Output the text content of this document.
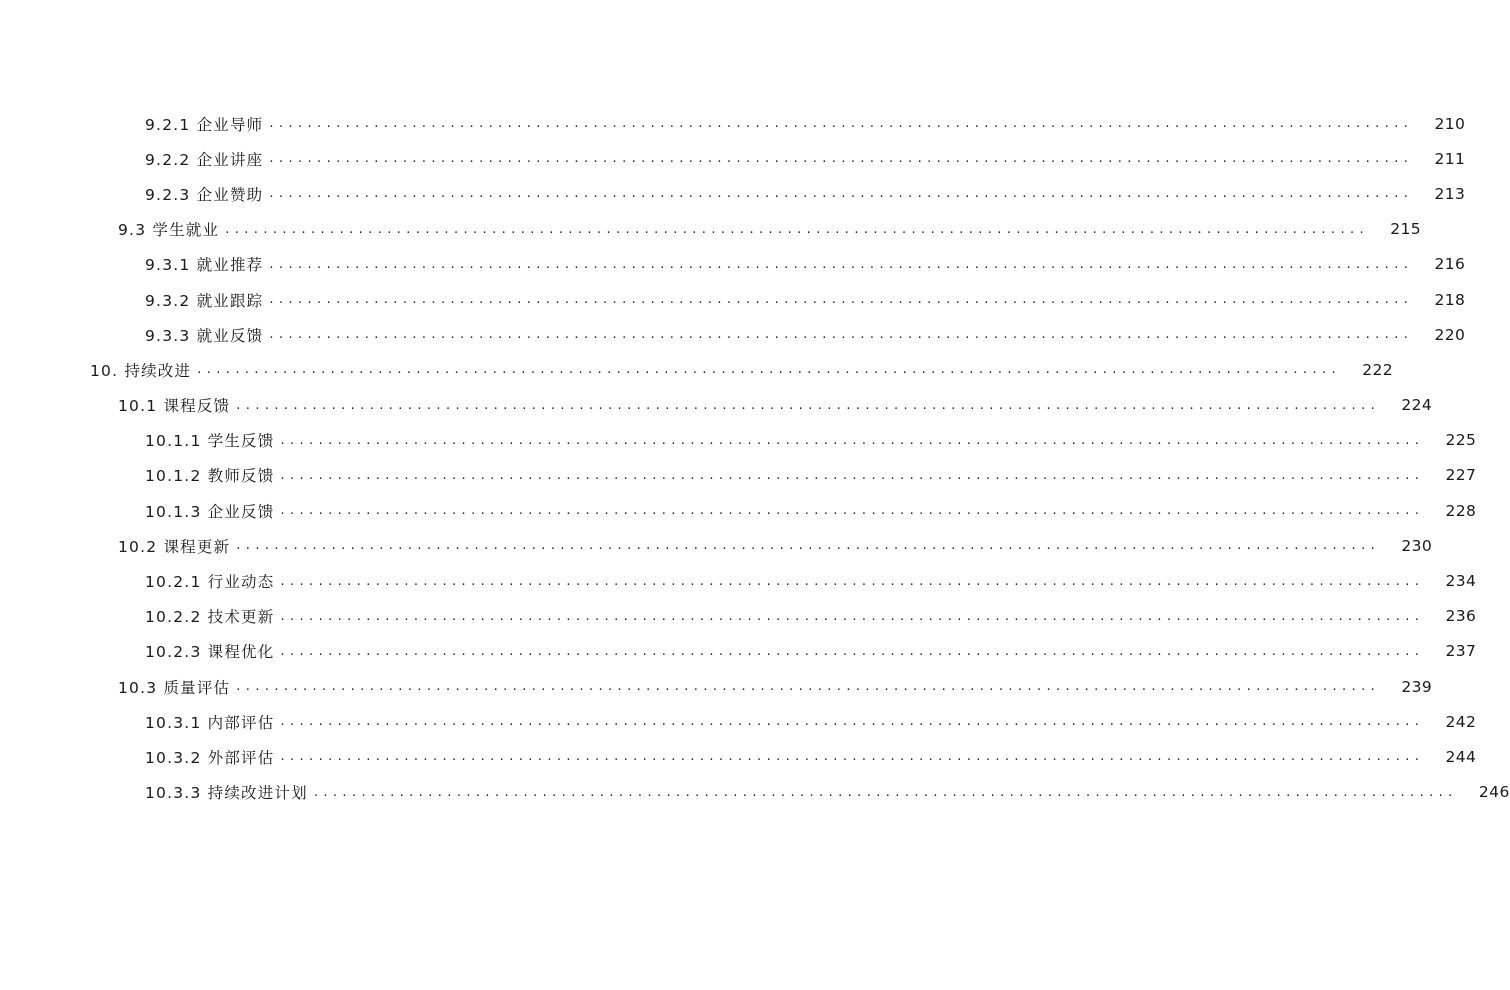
9.2.1 企业导师 ........................................................................................................................	210
9.2.2 企业讲座 ........................................................................................................................	211
9.2.3 企业赞助 ........................................................................................................................	213
9.3 学生就业 ........................................................................................................................	215
9.3.1 就业推荐 ........................................................................................................................	216
9.3.2 就业跟踪 ........................................................................................................................	218
9.3.3 就业反馈 ........................................................................................................................	220
10. 持续改进 ........................................................................................................................	222
10.1 课程反馈 ........................................................................................................................	224
10.1.1 学生反馈 ........................................................................................................................	225
10.1.2 教师反馈 ........................................................................................................................	227
10.1.3 企业反馈 ........................................................................................................................	228
10.2 课程更新 ........................................................................................................................	230
10.2.1 行业动态 ........................................................................................................................	234
10.2.2 技术更新 ........................................................................................................................	236
10.2.3 课程优化 ........................................................................................................................	237
10.3 质量评估 ........................................................................................................................	239
10.3.1 内部评估 ........................................................................................................................	242
10.3.2 外部评估 ........................................................................................................................	244
10.3.3 持续改进计划 ........................................................................................................................	246
